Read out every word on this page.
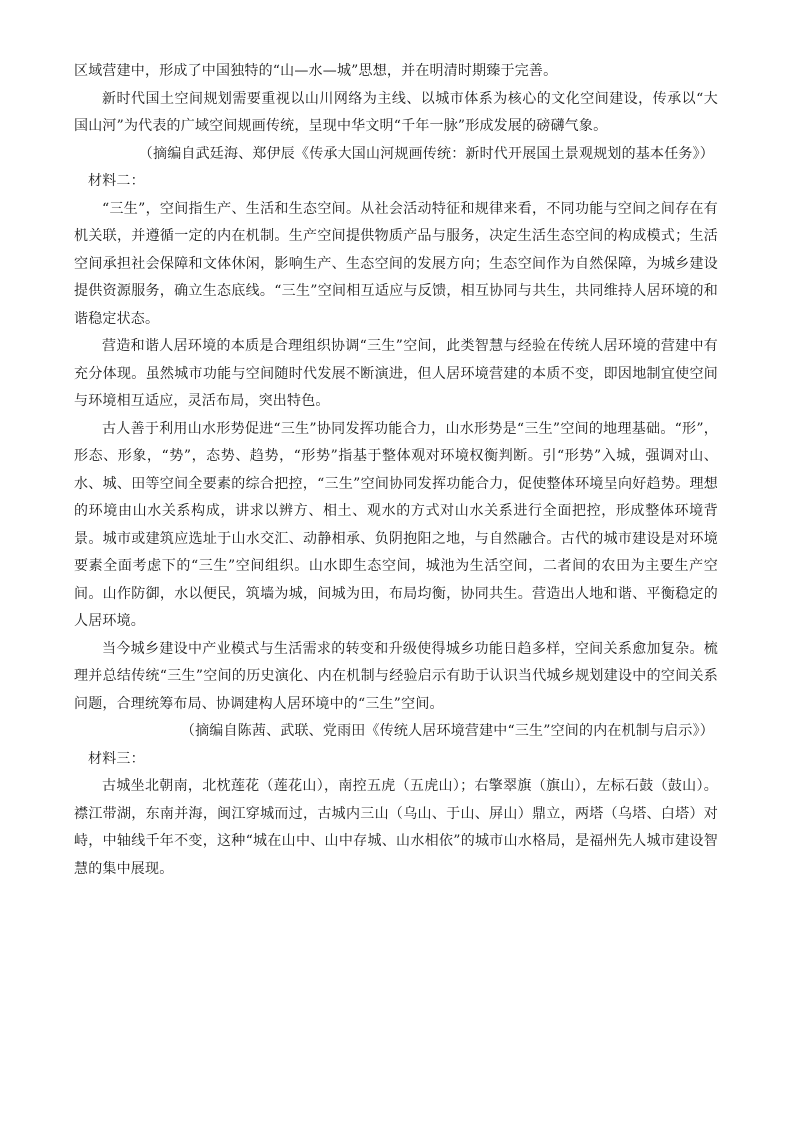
区域营建中，形成了中国独特的“山—水—城”思想，并在明清时期臻于完善。

新时代国土空间规划需要重视以山川网络为主线、以城市体系为核心的文化空间建设，传承以“大国山河”为代表的广域空间规画传统，呈现中华文明“千年一脉”形成发展的磅礴气象。

（摘编自武廷海、郑伊辰《传承大国山河规画传统：新时代开展国土景观规划的基本任务》）

材料二：

“三生”，空间指生产、生活和生态空间。从社会活动特征和规律来看，不同功能与空间之间存在有机关联，并遵循一定的内在机制。生产空间提供物质产品与服务，决定生活生态空间的构成模式；生活空间承担社会保障和文体休闲，影响生产、生态空间的发展方向；生态空间作为自然保障，为城乡建设提供资源服务，确立生态底线。“三生”空间相互适应与反馈，相互协同与共生，共同维持人居环境的和谐稳定状态。

营造和谐人居环境的本质是合理组织协调“三生”空间，此类智慧与经验在传统人居环境的营建中有充分体现。虽然城市功能与空间随时代发展不断演进，但人居环境营建的本质不变，即因地制宜使空间与环境相互适应，灵活布局，突出特色。

古人善于利用山水形势促进“三生”协同发挥功能合力，山水形势是“三生”空间的地理基础。“形”，形态、形象，“势”，态势、趋势，“形势”指基于整体观对环境权衡判断。引“形势”入城，强调对山、水、城、田等空间全要素的综合把控，“三生”空间协同发挥功能合力，促使整体环境呈向好趋势。理想的环境由山水关系构成，讲求以辨方、相土、观水的方式对山水关系进行全面把控，形成整体环境背景。城市或建筑应选址于山水交汇、动静相承、负阴抱阳之地，与自然融合。古代的城市建设是对环境要素全面考虑下的“三生”空间组织。山水即生态空间，城池为生活空间，二者间的农田为主要生产空间。山作防御，水以便民，筑墙为城，间城为田，布局均衡，协同共生。营造出人地和谐、平衡稳定的人居环境。

当今城乡建设中产业模式与生活需求的转变和升级使得城乡功能日趋多样，空间关系愈加复杂。梳理并总结传统“三生”空间的历史演化、内在机制与经验启示有助于认识当代城乡规划建设中的空间关系问题，合理统筹布局、协调建构人居环境中的“三生”空间。

（摘编自陈茜、武联、党雨田《传统人居环境营建中“三生”空间的内在机制与启示》）

材料三：

古城坐北朝南，北枕莲花（莲花山），南控五虎（五虎山）；右擎翠旗（旗山），左标石鼓（鼓山）。襟江带湖，东南并海，闽江穿城而过，古城内三山（乌山、于山、屏山）鼎立，两塔（乌塔、白塔）对峙，中轴线千年不变，这种“城在山中、山中存城、山水相依”的城市山水格局，是福州先人城市建设智慧的集中展现。
